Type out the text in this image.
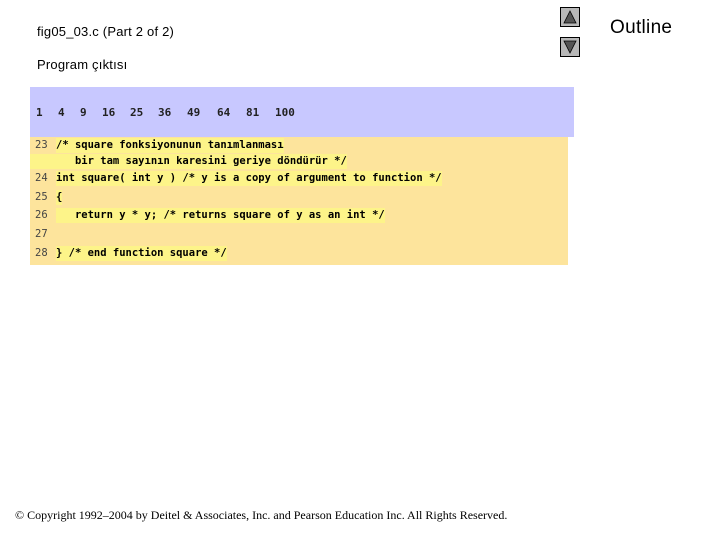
fig05_03.c (Part 2 of 2)
Program çıktısı
Outline
1 4 9 16 25 36 49 64 81 100
23 /* square fonksiyonunun tanımlanması
bir tam sayının karesini geriye döndürür */
24 int square( int y ) /* y is a copy of argument to function */
25 {
26 return y * y; /* returns square of y as an int */
27
28 } /* end function square */
© Copyright 1992–2004 by Deitel & Associates, Inc. and Pearson Education Inc. All Rights Reserved.
